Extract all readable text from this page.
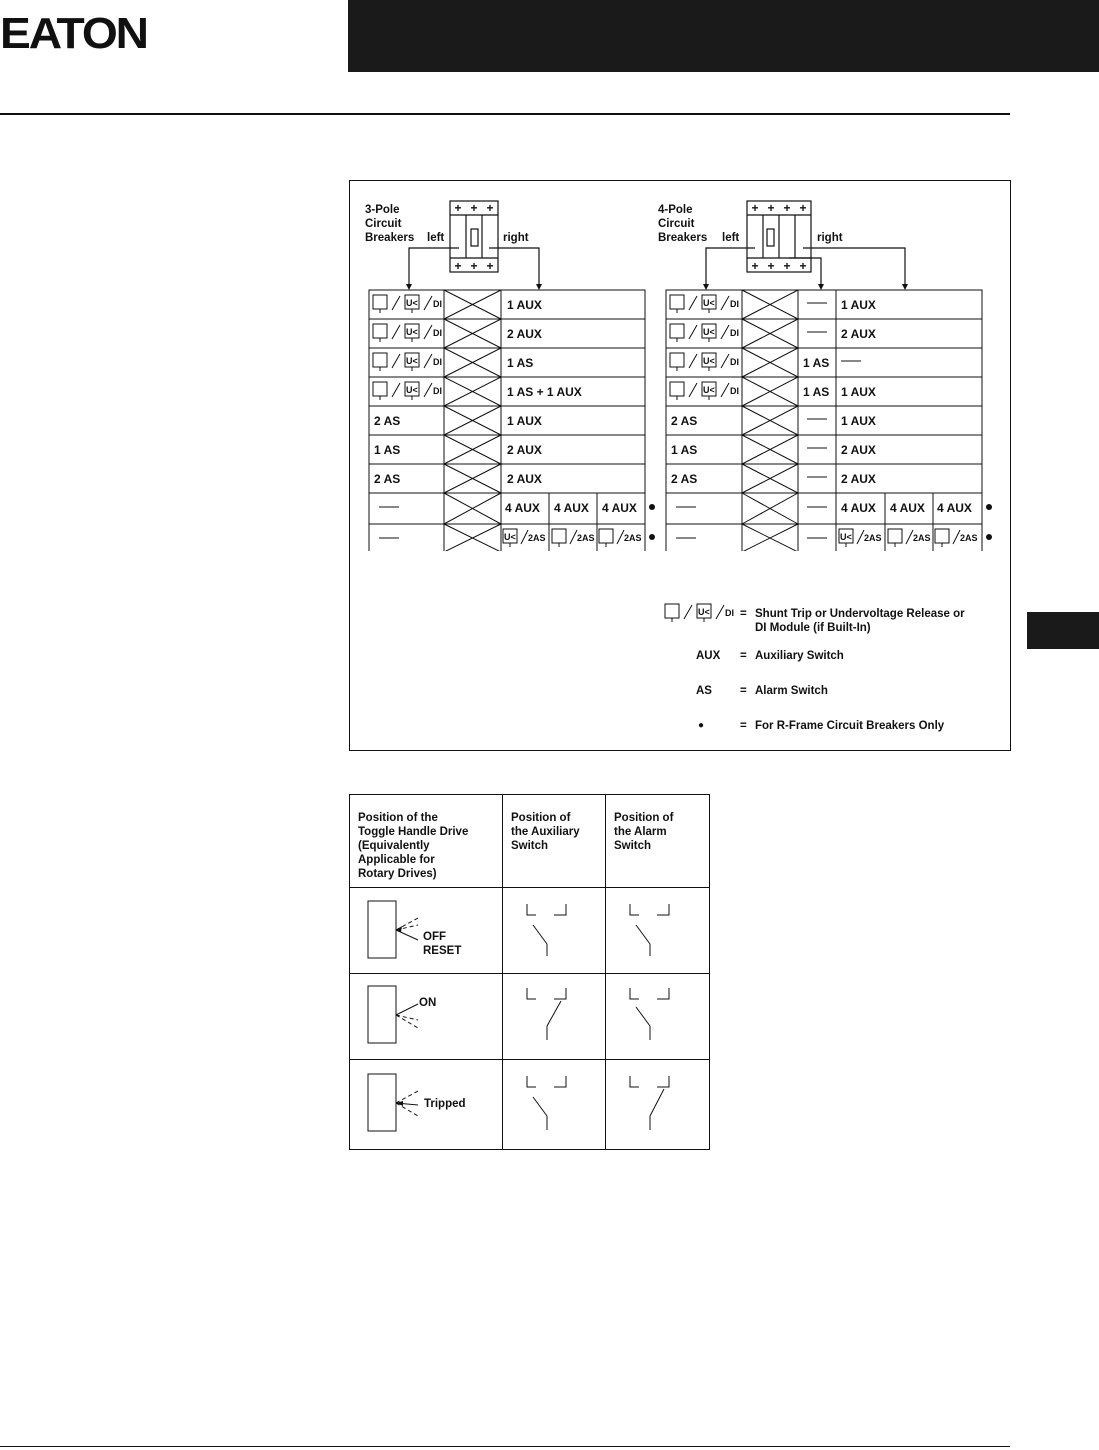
EATON
3-Pole
Circuit
Breakers left	right
4-Pole
Circuit
Breakers left	right
+ + +
+ + +
+ + + +
+ + + +
U< DI	1 AUX
U< DI	2 AUX
U< DI	1 AS
U< DI	1 AS + 1 AUX
2 AS	1 AUX
1 AS	2 AUX
2 AS	2 AUX
4 AUX 4 AUX 4 AUX
U< 2AS	2AS	2AS
U< DI	1 AUX
U< DI	2 AUX
U< DI	1 AS
U< DI	1 AS 1 AUX
2 AS	1 AUX
1 AS	2 AUX
2 AS	2 AUX
4 AUX 4 AUX 4 AUX
U< 2AS	2AS	2AS
U< DI = Shunt Trip or Undervoltage Release or
DI Module (if Built-In)
AUX = Auxiliary Switch
AS = Alarm Switch
●	= For R-Frame Circuit Breakers Only
Position of the
Toggle Handle Drive
(Equivalently
Applicable for
Rotary Drives)	Position of
the Auxiliary
Switch	Position of
the Alarm
Switch

OFF
RESET

ON

Tripped
